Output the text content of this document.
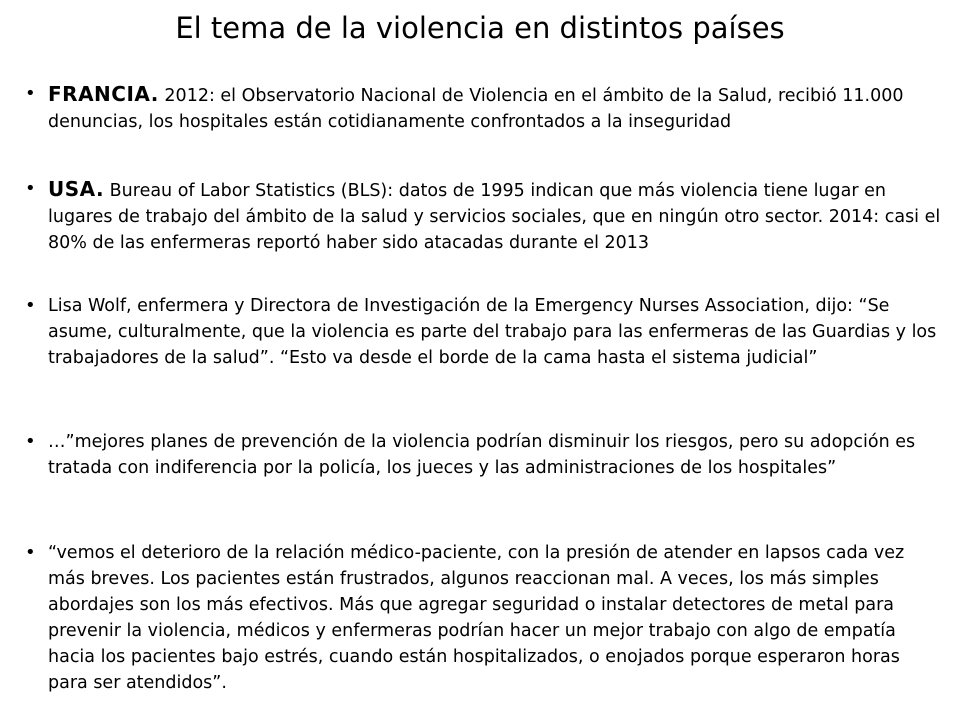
El tema de la violencia en distintos países
• FRANCIA. 2012: el Observatorio Nacional de Violencia en el ámbito de la Salud, recibió 11.000 denuncias, los hospitales están cotidianamente confrontados a la inseguridad

• USA. Bureau of Labor Statistics (BLS): datos de 1995 indican que más violencia tiene lugar en lugares de trabajo del ámbito de la salud y servicios sociales, que en ningún otro sector. 2014: casi el 80% de las enfermeras reportó haber sido atacadas durante el 2013

• Lisa Wolf, enfermera y Directora de Investigación de la Emergency Nurses Association, dijo: “Se asume, culturalmente, que la violencia es parte del trabajo para las enfermeras de las Guardias y los trabajadores de la salud”. “Esto va desde el borde de la cama hasta el sistema judicial”

• …”mejores planes de prevención de la violencia podrían disminuir los riesgos, pero su adopción es tratada con indiferencia por la policía, los jueces y las administraciones de los hospitales”

• “vemos el deterioro de la relación médico-paciente, con la presión de atender en lapsos cada vez más breves. Los pacientes están frustrados, algunos reaccionan mal. A veces, los más simples abordajes son los más efectivos. Más que agregar seguridad o instalar detectores de metal para prevenir la violencia, médicos y enfermeras podrían hacer un mejor trabajo con algo de empatía hacia los pacientes bajo estrés, cuando están hospitalizados, o enojados porque esperaron horas para ser atendidos”.
